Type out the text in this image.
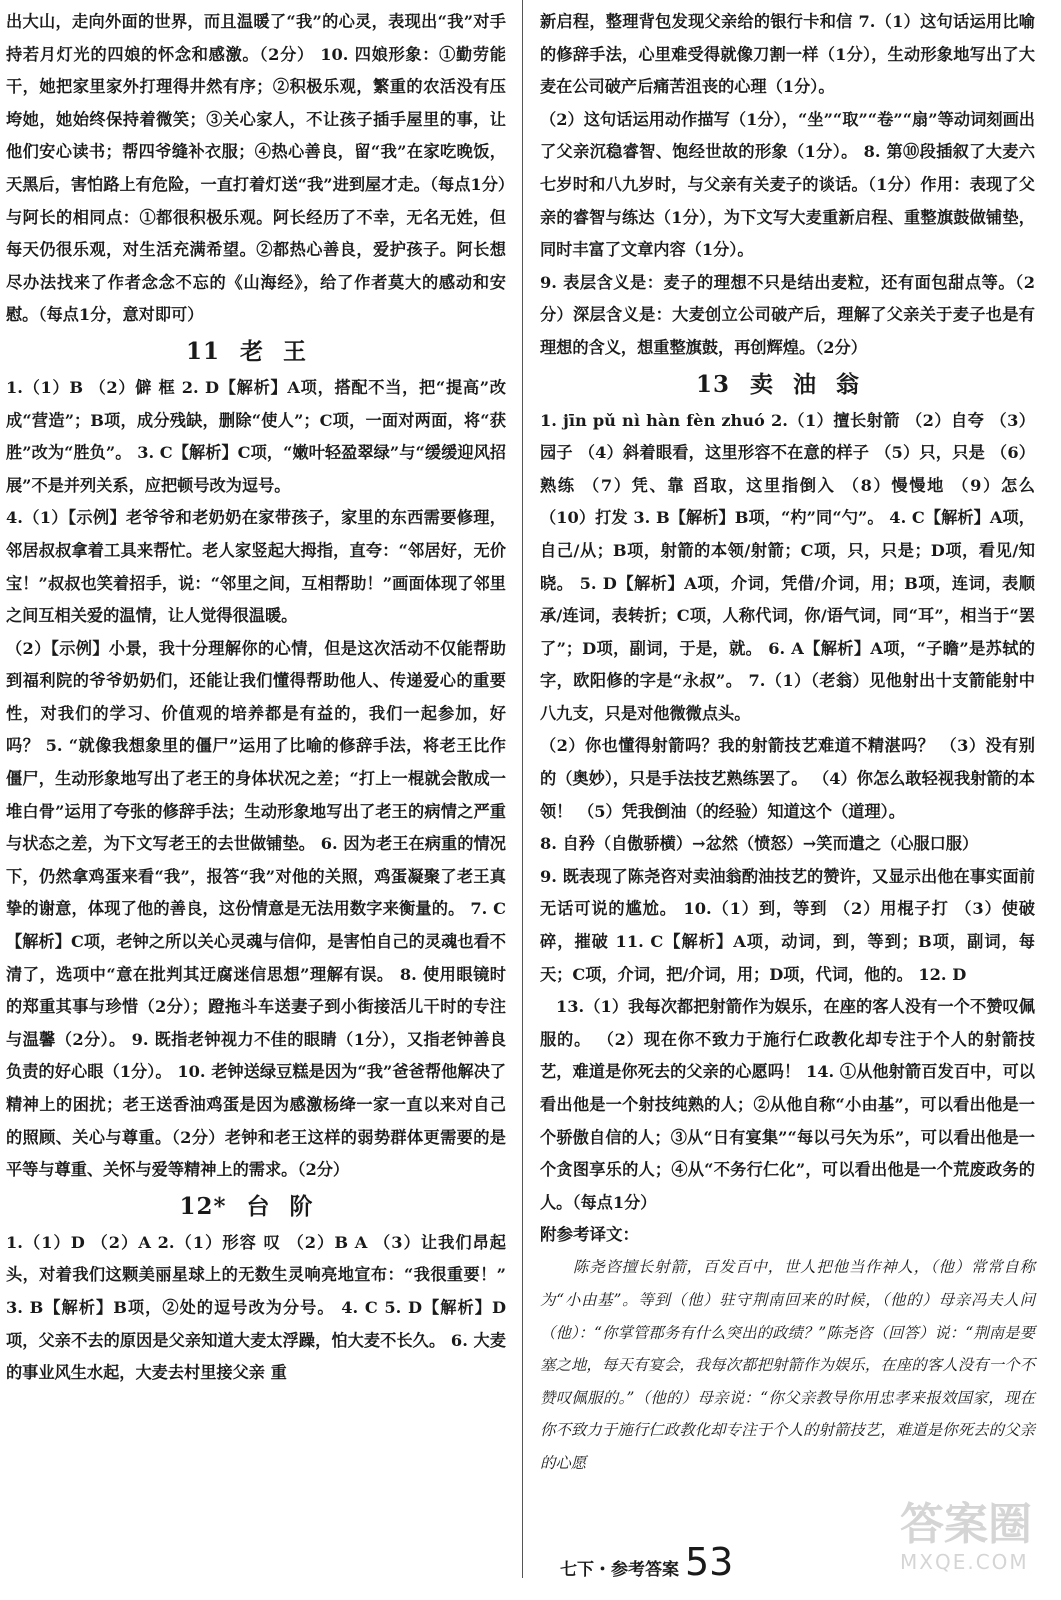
出大山，走向外面的世界，而且温暖了“我”的心灵，表现出“我”对手持若月灯光的四娘的怀念和感激。（2分） 10. 四娘形象：①勤劳能干，她把家里家外打理得井然有序；②积极乐观，繁重的农活没有压垮她，她始终保持着微笑；③关心家人，不让孩子插手屋里的事，让他们安心读书；帮四爷缝补衣服；④热心善良，留“我”在家吃晚饭，天黑后，害怕路上有危险，一直打着灯送“我”进到屋才走。（每点1分）与阿长的相同点：①都很积极乐观。阿长经历了不幸，无名无姓，但每天仍很乐观，对生活充满希望。②都热心善良，爱护孩子。阿长想尽办法找来了作者念念不忘的《山海经》，给了作者莫大的感动和安慰。（每点1分，意对即可）

11 老王

1.（1）B （2）僻 框 2. D【解析】A项，搭配不当，把“提高”改成“营造”；B项，成分残缺，删除“使人”；C项，一面对两面，将“获胜”改为“胜负”。 3. C【解析】C项，“嫩叶轻盈翠绿”与“缓缓迎风招展”不是并列关系，应把顿号改为逗号。

4.（1）【示例】老爷爷和老奶奶在家带孩子，家里的东西需要修理，邻居叔叔拿着工具来帮忙。老人家竖起大拇指，直夸：“邻居好，无价宝！”叔叔也笑着招手，说：“邻里之间，互相帮助！”画面体现了邻里之间互相关爱的温情，让人觉得很温暖。

（2）【示例】小景，我十分理解你的心情，但是这次活动不仅能帮助到福利院的爷爷奶奶们，还能让我们懂得帮助他人、传递爱心的重要性，对我们的学习、价值观的培养都是有益的，我们一起参加，好吗？ 5. “就像我想象里的僵尸”运用了比喻的修辞手法，将老王比作僵尸，生动形象地写出了老王的身体状况之差；“打上一棍就会散成一堆白骨”运用了夸张的修辞手法；生动形象地写出了老王的病情之严重与状态之差，为下文写老王的去世做铺垫。 6. 因为老王在病重的情况下，仍然拿鸡蛋来看“我”，报答“我”对他的关照，鸡蛋凝聚了老王真挚的谢意，体现了他的善良，这份情意是无法用数字来衡量的。 7. C【解析】C项，老钟之所以关心灵魂与信仰，是害怕自己的灵魂也看不清了，选项中“意在批判其迂腐迷信思想”理解有误。 8. 使用眼镜时的郑重其事与珍惜（2分）；蹬拖斗车送妻子到小街接活儿干时的专注与温馨（2分）。 9. 既指老钟视力不佳的眼睛（1分），又指老钟善良负责的好心眼（1分）。 10. 老钟送绿豆糕是因为“我”爸爸帮他解决了精神上的困扰；老王送香油鸡蛋是因为感激杨绛一家一直以来对自己的照顾、关心与尊重。（2分）老钟和老王这样的弱势群体更需要的是平等与尊重、关怀与爱等精神上的需求。（2分）

12* 台阶

1.（1）D （2）A 2.（1）形容 叹 （2）B A （3）让我们昂起头，对着我们这颗美丽星球上的无数生灵响亮地宣布：“我很重要！” 3. B【解析】B项，②处的逗号改为分号。 4. C 5. D【解析】D项，父亲不去的原因是父亲知道大麦太浮躁，怕大麦不长久。 6. 大麦的事业风生水起，大麦去村里接父亲 重

新启程，整理背包发现父亲给的银行卡和信 7.（1）这句话运用比喻的修辞手法，心里难受得就像刀割一样（1分），生动形象地写出了大麦在公司破产后痛苦沮丧的心理（1分）。

（2）这句话运用动作描写（1分），“坐”“取”“卷”“扇”等动词刻画出了父亲沉稳睿智、饱经世故的形象（1分）。 8. 第⑩段插叙了大麦六七岁时和八九岁时，与父亲有关麦子的谈话。（1分）作用：表现了父亲的睿智与练达（1分），为下文写大麦重新启程、重整旗鼓做铺垫，同时丰富了文章内容（1分）。

9. 表层含义是：麦子的理想不只是结出麦粒，还有面包甜点等。（2分）深层含义是：大麦创立公司破产后，理解了父亲关于麦子也是有理想的含义，想重整旗鼓，再创辉煌。（2分）

13 卖油翁

1. jīn pǔ nì hàn fèn zhuó 2.（1）擅长射箭 （2）自夸 （3）园子 （4）斜着眼看，这里形容不在意的样子 （5）只，只是 （6）熟练 （7）凭、靠 舀取，这里指倒入 （8）慢慢地 （9）怎么 （10）打发 3. B【解析】B项，“杓”同“勺”。 4. C【解析】A项，自己/从；B项，射箭的本领/射箭；C项，只，只是；D项，看见/知晓。 5. D【解析】A项，介词，凭借/介词，用；B项，连词，表顺承/连词，表转折；C项，人称代词，你/语气词，同“耳”，相当于“罢了”；D项，副词，于是，就。 6. A【解析】A项，“子瞻”是苏轼的字，欧阳修的字是“永叔”。 7.（1）（老翁）见他射出十支箭能射中八九支，只是对他微微点头。

（2）你也懂得射箭吗？我的射箭技艺难道不精湛吗？ （3）没有别的（奥妙），只是手法技艺熟练罢了。 （4）你怎么敢轻视我射箭的本领！ （5）凭我倒油（的经验）知道这个（道理）。

8. 自矜（自傲骄横）→忿然（愤怒）→笑而遣之（心服口服）

9. 既表现了陈尧咨对卖油翁酌油技艺的赞许，又显示出他在事实面前无话可说的尴尬。 10.（1）到，等到 （2）用棍子打 （3）使破碎，摧破 11. C【解析】A项，动词，到，等到；B项，副词，每天；C项，介词，把/介词，用；D项，代词，他的。 12. D

13.（1）我每次都把射箭作为娱乐，在座的客人没有一个不赞叹佩服的。 （2）现在你不致力于施行仁政教化却专注于个人的射箭技艺，难道是你死去的父亲的心愿吗！ 14. ①从他射箭百发百中，可以看出他是一个射技纯熟的人；②从他自称“小由基”，可以看出他是一个骄傲自信的人；③从“日有宴集”“每以弓矢为乐”，可以看出他是一个贪图享乐的人；④从“不务行仁化”，可以看出他是一个荒废政务的人。（每点1分）

附参考译文：

陈尧咨擅长射箭，百发百中，世人把他当作神人，（他）常常自称为“小由基”。等到（他）驻守荆南回来的时候，（他的）母亲冯夫人问（他）：“你掌管郡务有什么突出的政绩？”陈尧咨（回答）说：“荆南是要塞之地，每天有宴会，我每次都把射箭作为娱乐，在座的客人没有一个不赞叹佩服的。”（他的）母亲说：“你父亲教导你用忠孝来报效国家，现在你不致力于施行仁政教化却专注于个人的射箭技艺，难道是你死去的父亲的心愿

七下・参考答案 53
答案圈
MXQE.COM
